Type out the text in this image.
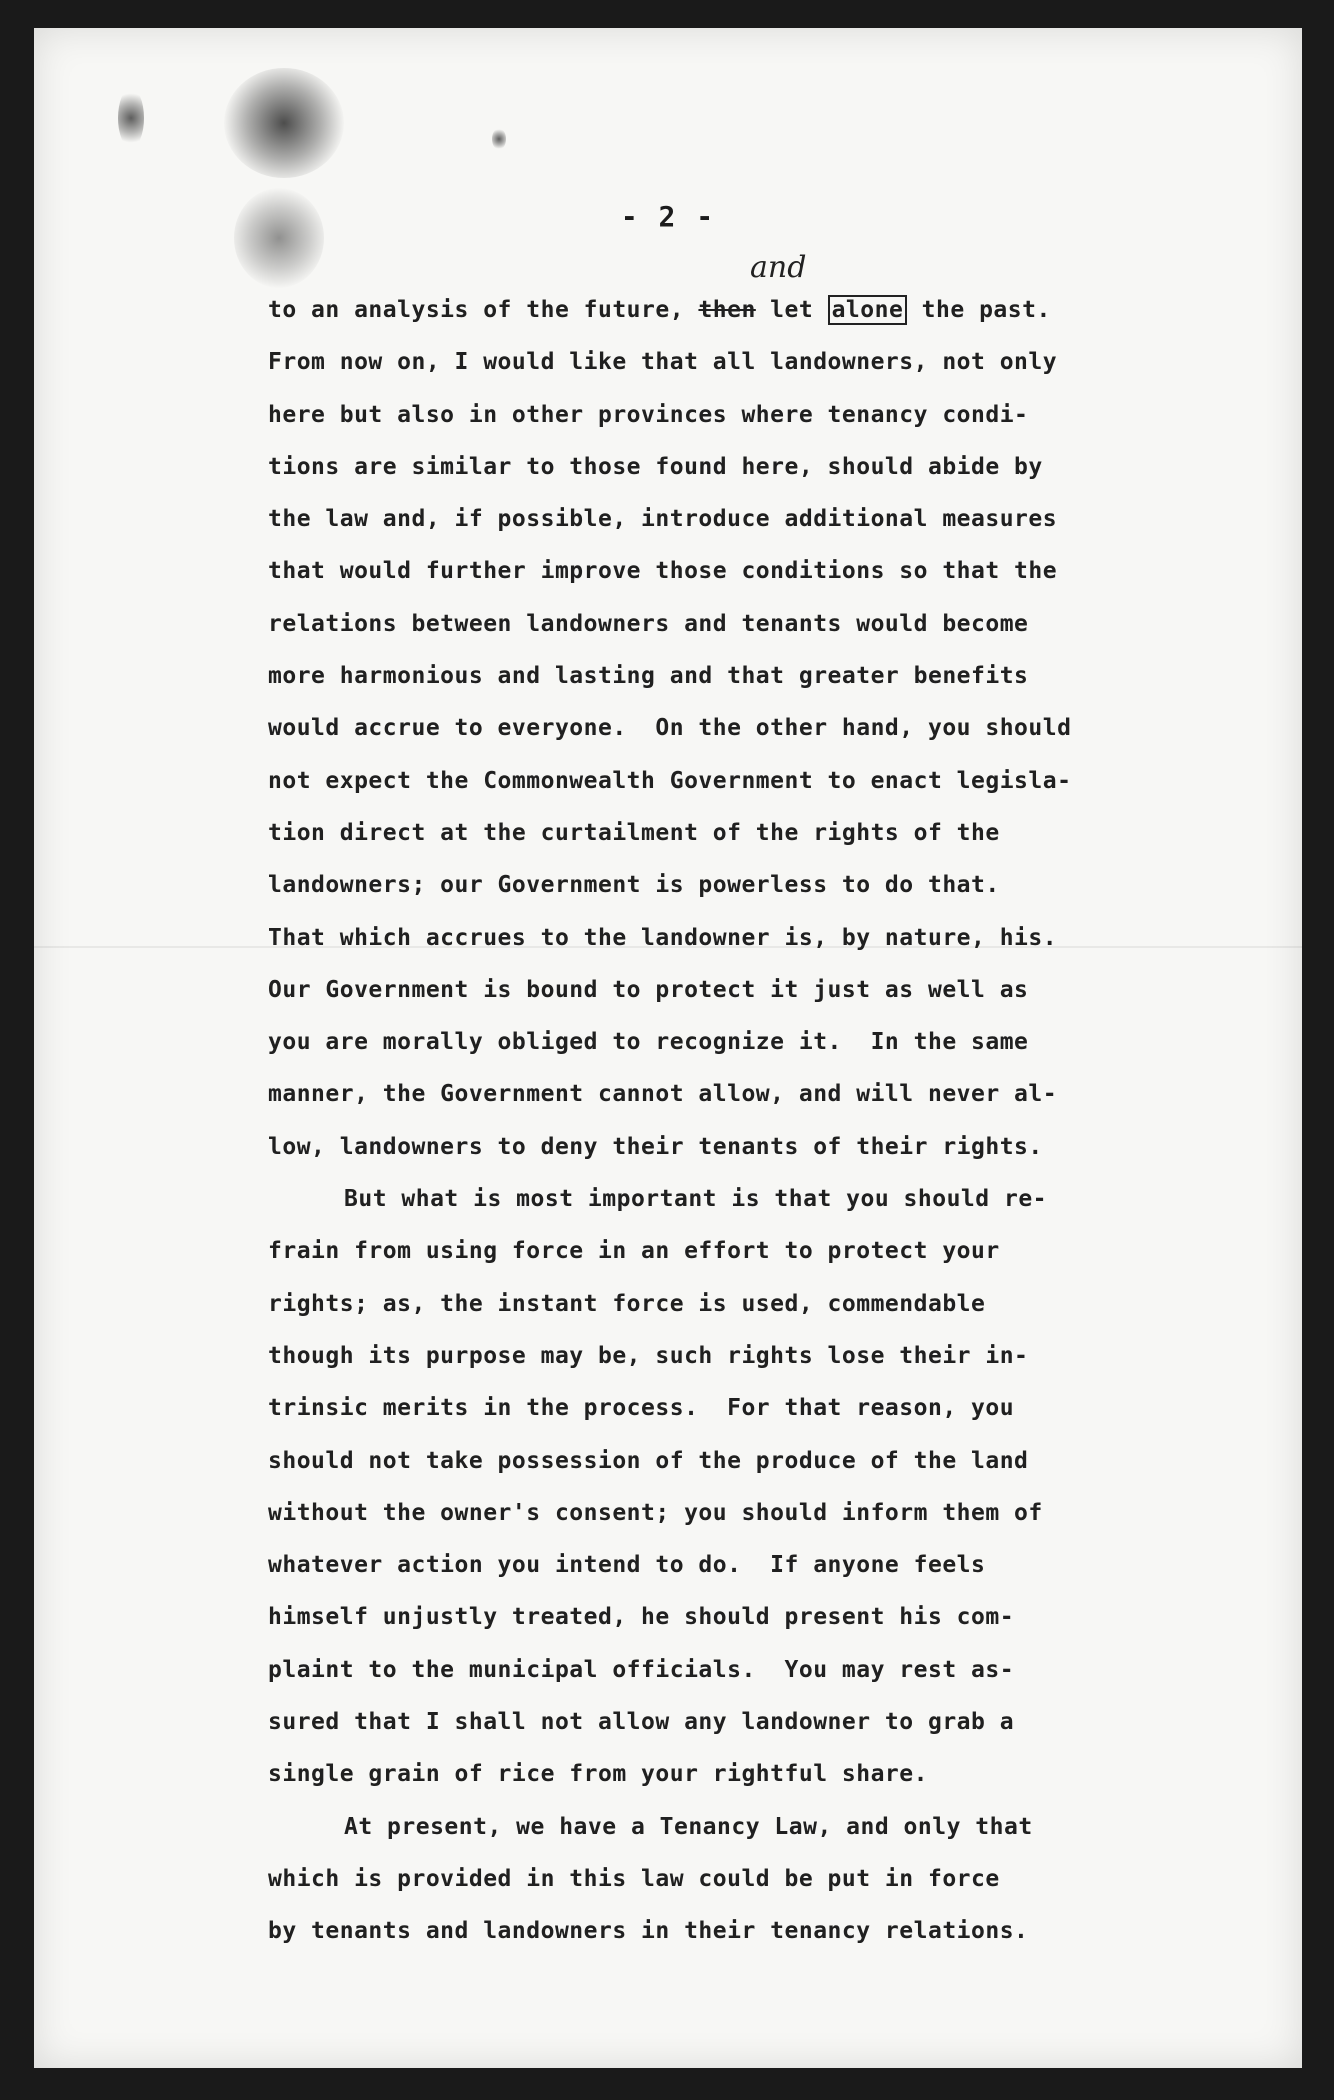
- 2 -
and
to an analysis of the future, then let alone the past.
From now on, I would like that all landowners, not only
here but also in other provinces where tenancy condi-
tions are similar to those found here, should abide by
the law and, if possible, introduce additional measures
that would further improve those conditions so that the
relations between landowners and tenants would become
more harmonious and lasting and that greater benefits
would accrue to everyone.  On the other hand, you should
not expect the Commonwealth Government to enact legisla-
tion direct at the curtailment of the rights of the
landowners; our Government is powerless to do that.
That which accrues to the landowner is, by nature, his.
Our Government is bound to protect it just as well as
you are morally obliged to recognize it.  In the same
manner, the Government cannot allow, and will never al-
low, landowners to deny their tenants of their rights.
But what is most important is that you should re-
frain from using force in an effort to protect your
rights; as, the instant force is used, commendable
though its purpose may be, such rights lose their in-
trinsic merits in the process.  For that reason, you
should not take possession of the produce of the land
without the owner's consent; you should inform them of
whatever action you intend to do.  If anyone feels
himself unjustly treated, he should present his com-
plaint to the municipal officials.  You may rest as-
sured that I shall not allow any landowner to grab a
single grain of rice from your rightful share.
At present, we have a Tenancy Law, and only that
which is provided in this law could be put in force
by tenants and landowners in their tenancy relations.
